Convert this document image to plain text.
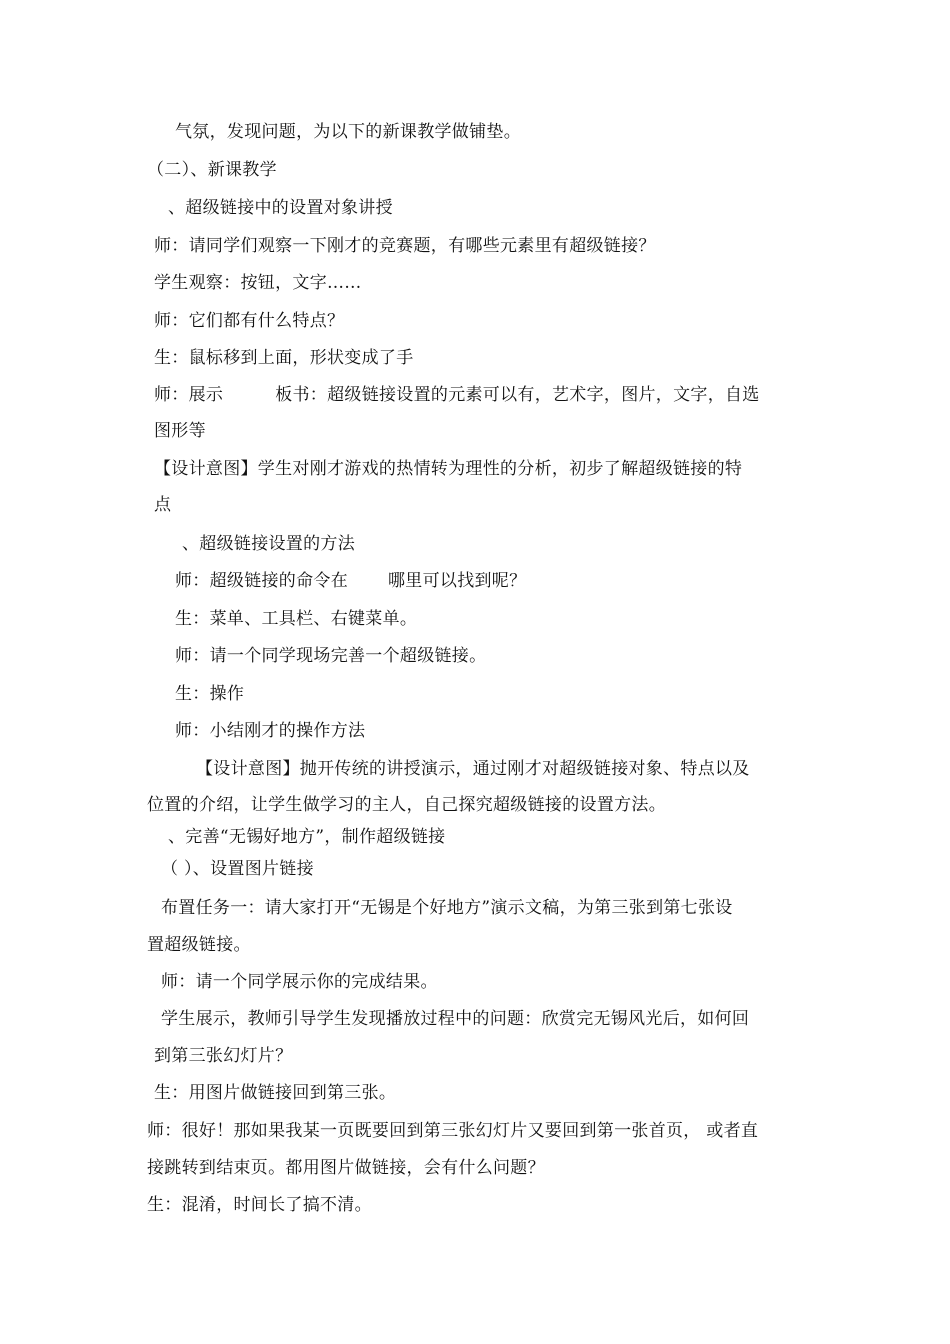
气氛，发现问题，为以下的新课教学做铺垫。
（二）、新课教学
、超级链接中的设置对象讲授
师：请同学们观察一下刚才的竞赛题，有哪些元素里有超级链接？
学生观察：按钮，文字……
师：它们都有什么特点？
生：鼠标移到上面，形状变成了手
师：展示	板书：超级链接设置的元素可以有，艺术字，图片，文字，自选
图形等
【设计意图】学生对刚才游戏的热情转为理性的分析，初步了解超级链接的特
点
、超级链接设置的方法
师：超级链接的命令在 哪里可以找到呢？
生：菜单、工具栏、右键菜单。
师：请一个同学现场完善一个超级链接。
生：操作
师：小结刚才的操作方法
【设计意图】抛开传统的讲授演示，通过刚才对超级链接对象、特点以及
位置的介绍，让学生做学习的主人，自己探究超级链接的设置方法。
、完善“无锡好地方”，制作超级链接
（ ）、设置图片链接
布置任务一：请大家打开“无锡是个好地方”演示文稿，为第三张到第七张设
置超级链接。
师：请一个同学展示你的完成结果。
学生展示，教师引导学生发现播放过程中的问题：欣赏完无锡风光后，如何回
到第三张幻灯片？
生：用图片做链接回到第三张。
师：很好！那如果我某一页既要回到第三张幻灯片又要回到第一张首页， 或者直
接跳转到结束页。都用图片做链接，会有什么问题？
生：混淆，时间长了搞不清。
